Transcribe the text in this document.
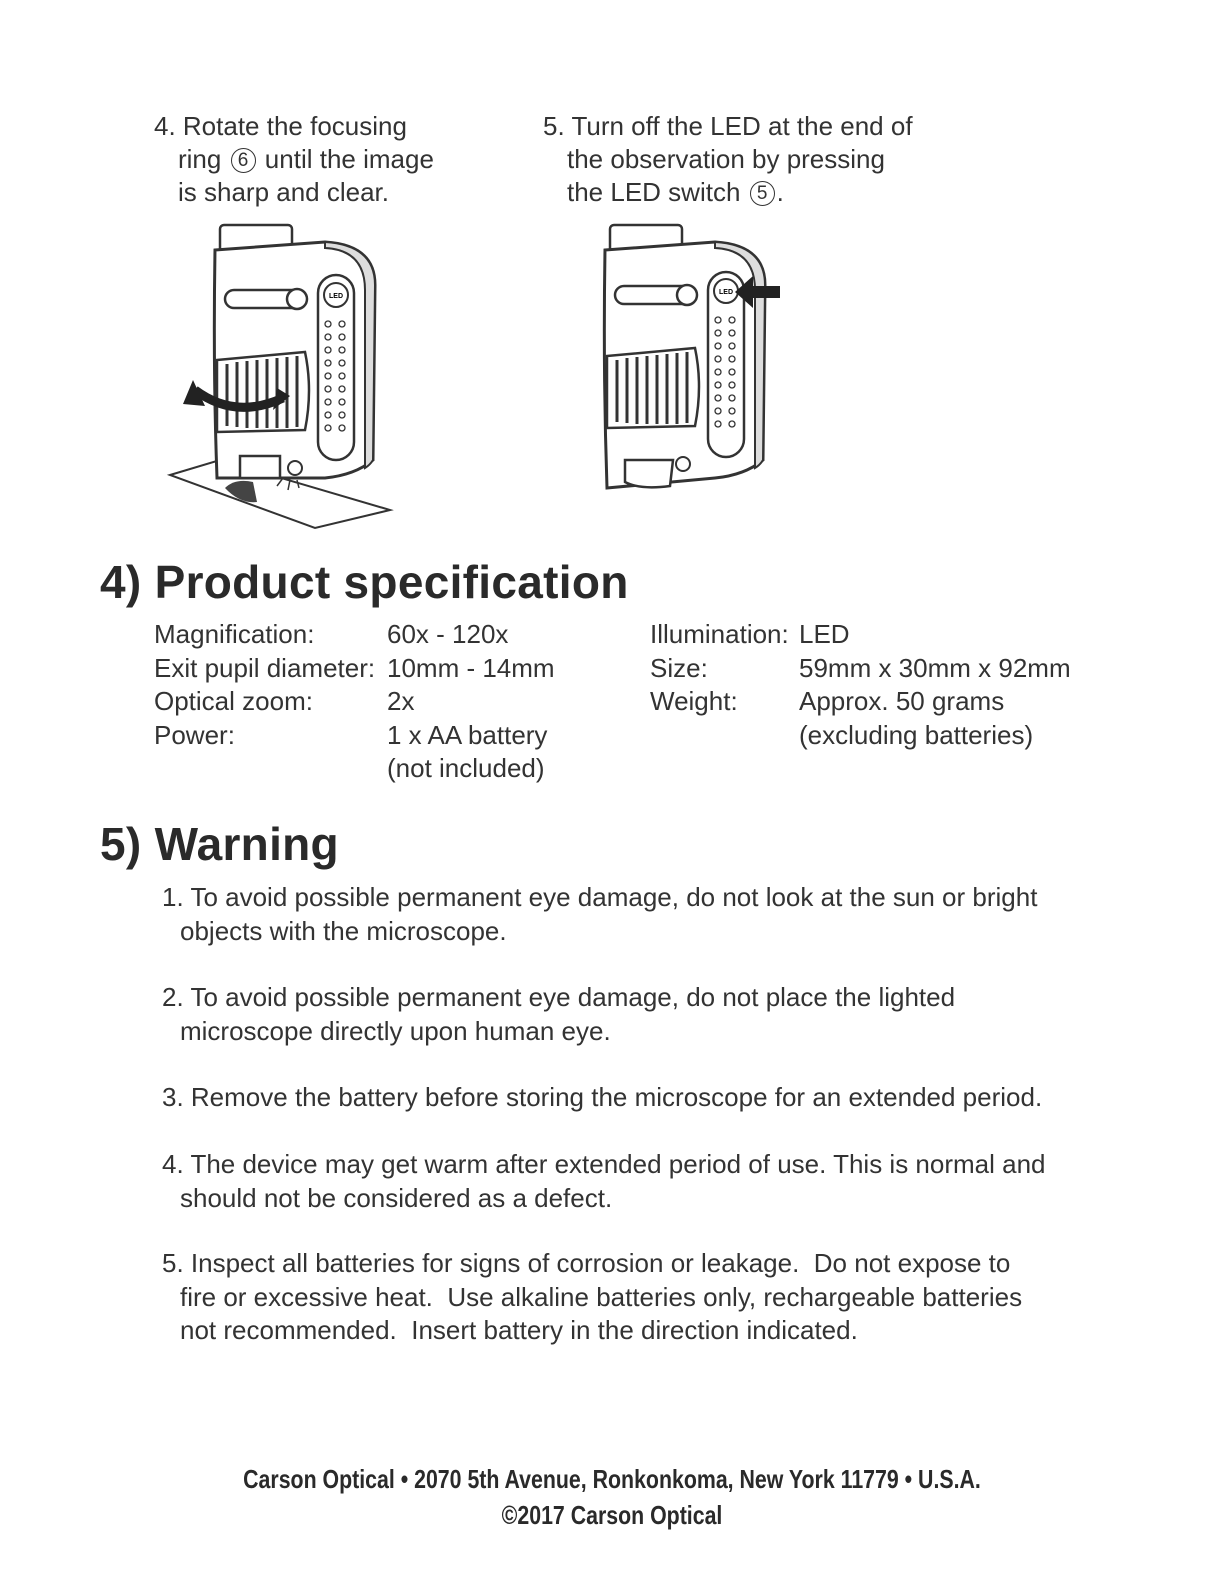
4. Rotate the focusing
ring 6 until the image
is sharp and clear.
5. Turn off the LED at the end of
the observation by pressing
the LED switch 5 .
LED
LED
4) Product specification
Magnification:	60x - 120x
Exit pupil diameter: 10mm - 14mm
Optical zoom:	2x
Power:	1 x AA battery
(not included)
Illumination: LED
Size:	59mm x 30mm x 92mm
Weight:	Approx. 50 grams
(excluding batteries)
5) Warning
1. To avoid possible permanent eye damage, do not look at the sun or bright
objects with the microscope.
2. To avoid possible permanent eye damage, do not place the lighted
microscope directly upon human eye.
3. Remove the battery before storing the microscope for an extended period.
4. The device may get warm after extended period of use. This is normal and
should not be considered as a defect.
5. Inspect all batteries for signs of corrosion or leakage.  Do not expose to
fire or excessive heat.  Use alkaline batteries only, rechargeable batteries
not recommended.  Insert battery in the direction indicated.
Carson Optical • 2070 5th Avenue, Ronkonkoma, New York 11779 • U.S.A.
©2017 Carson Optical
